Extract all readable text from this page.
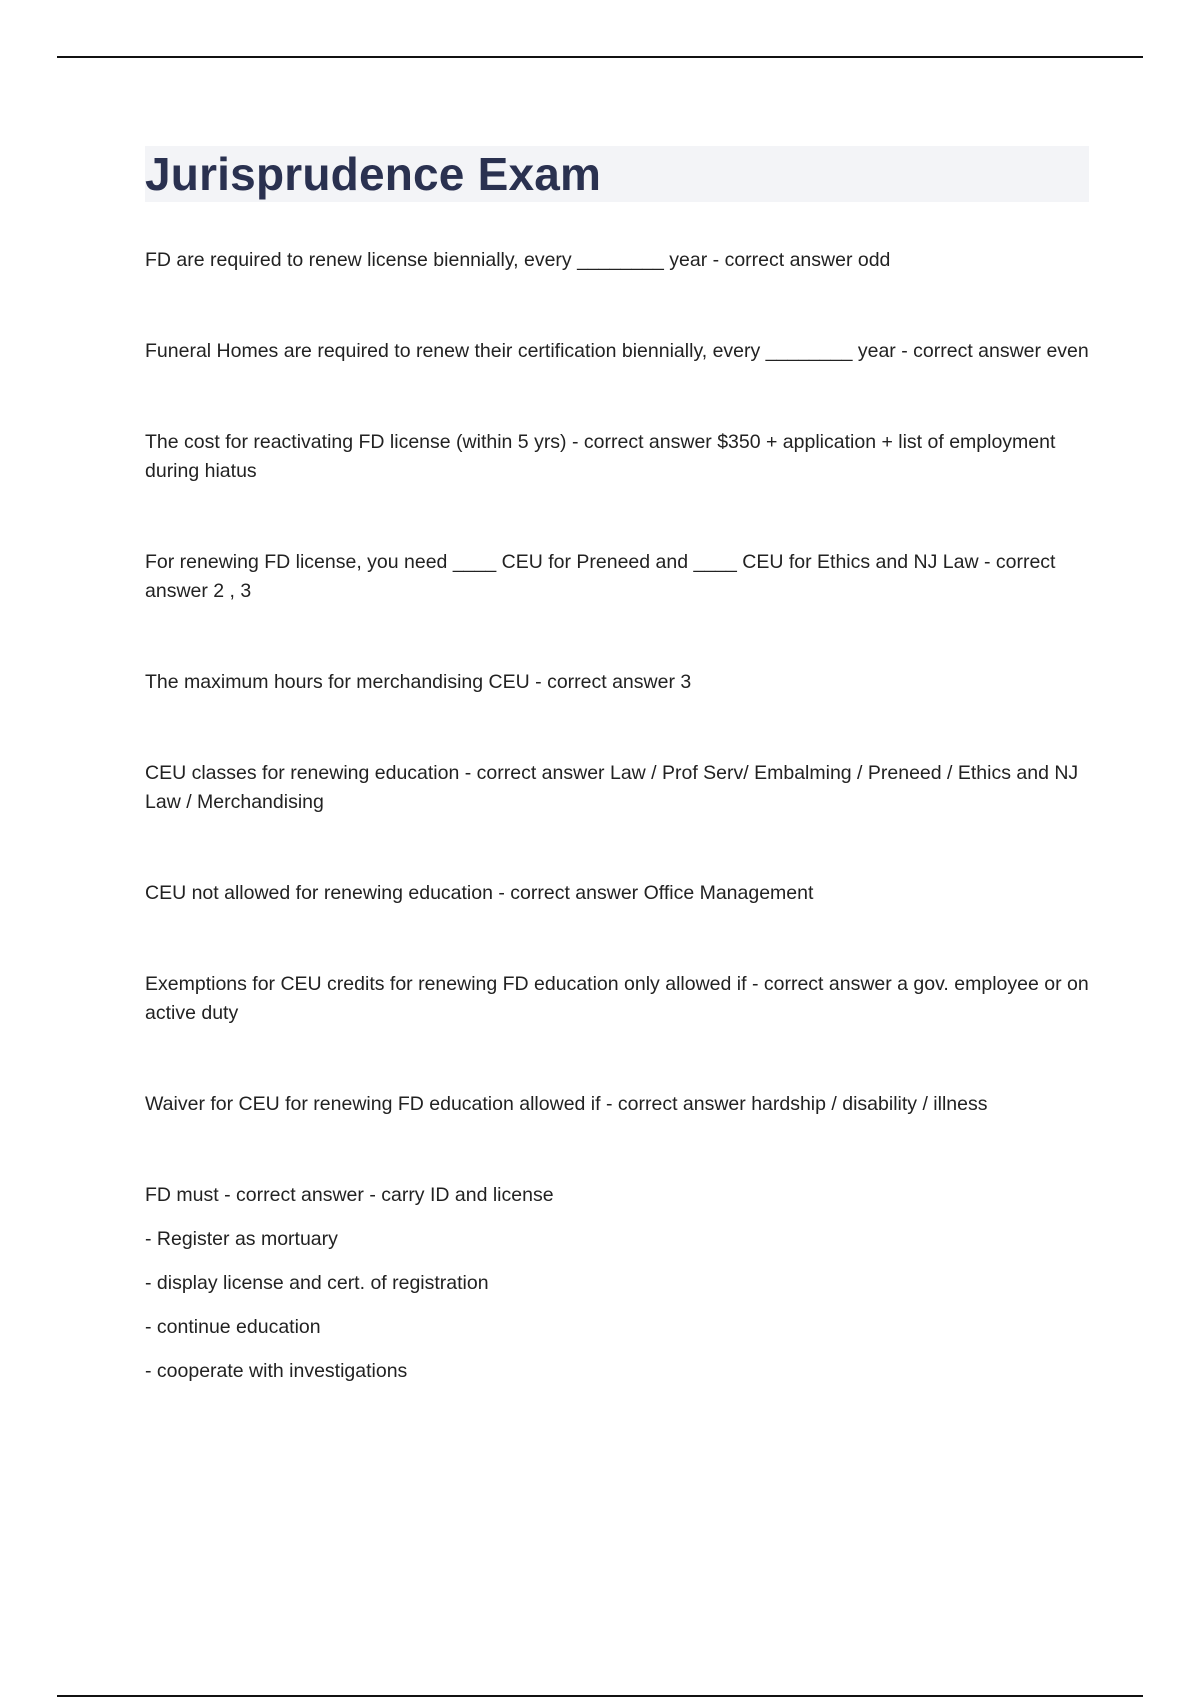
Jurisprudence Exam
FD are required to renew license biennially, every ________ year - correct answer odd
Funeral Homes are required to renew their certification biennially, every ________ year - correct answer even
The cost for reactivating FD license (within 5 yrs) - correct answer $350 + application + list of employment during hiatus
For renewing FD license, you need ____ CEU for Preneed and ____ CEU for Ethics and NJ Law - correct answer 2 , 3
The maximum hours for merchandising CEU - correct answer 3
CEU classes for renewing education - correct answer Law / Prof Serv/ Embalming / Preneed / Ethics and NJ Law / Merchandising
CEU not allowed for renewing education - correct answer Office Management
Exemptions for CEU credits for renewing FD education only allowed if - correct answer a gov. employee or on active duty
Waiver for CEU for renewing FD education allowed if - correct answer hardship / disability / illness
FD must - correct answer - carry ID and license
- Register as mortuary
- display license and cert. of registration
- continue education
- cooperate with investigations
